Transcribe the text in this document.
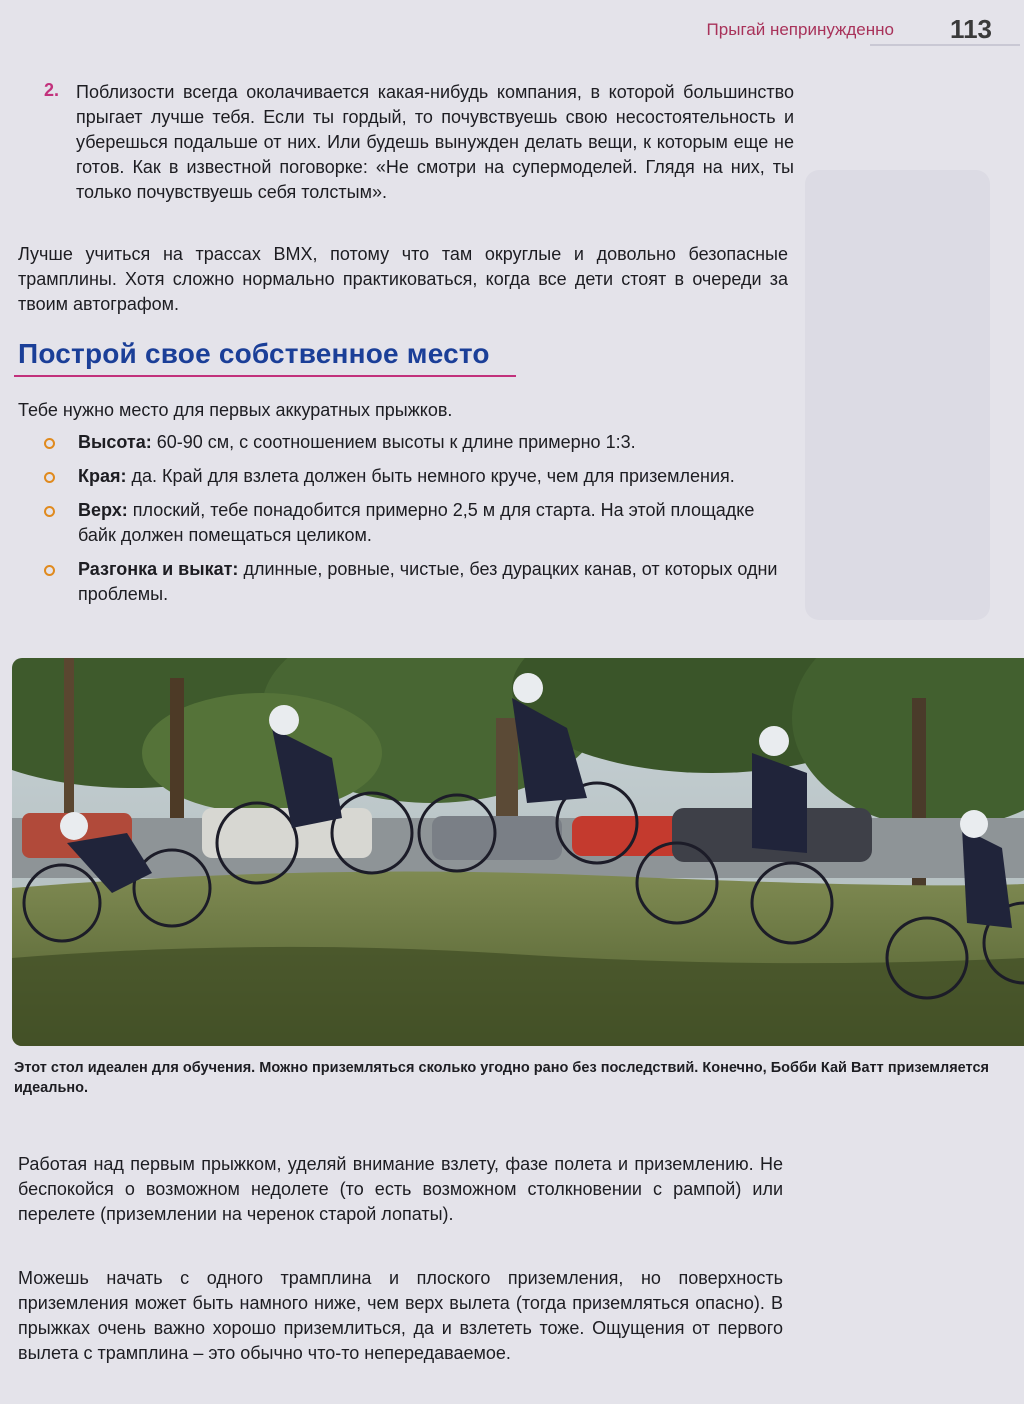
Прыгай непринужденно 113
2. Поблизости всегда околачивается какая-нибудь компания, в которой большинство прыгает лучше тебя. Если ты гордый, то почувствуешь свою несостоятельность и уберешься подальше от них. Или будешь вынужден делать вещи, к которым еще не готов. Как в известной поговорке: «Не смотри на супермоделей. Глядя на них, ты только почувствуешь себя толстым».
Лучше учиться на трассах BMX, потому что там округлые и довольно безопасные трамплины. Хотя сложно нормально практиковаться, когда все дети стоят в очереди за твоим автографом.
Построй свое собственное место
Тебе нужно место для первых аккуратных прыжков.
Высота: 60-90 см, с соотношением высоты к длине примерно 1:3.
Края: да. Край для взлета должен быть немного круче, чем для приземления.
Верх: плоский, тебе понадобится примерно 2,5 м для старта. На этой площадке байк должен помещаться целиком.
Разгонка и выкат: длинные, ровные, чистые, без дурацких канав, от которых одни проблемы.
Этот стол идеален для обучения. Можно приземляться сколько угодно рано без последствий. Конечно, Бобби Кай Ватт приземляется идеально.
Работая над первым прыжком, уделяй внимание взлету, фазе полета и приземлению. Не беспокойся о возможном недолете (то есть возможном столкновении с рампой) или перелете (приземлении на черенок старой лопаты).
Можешь начать с одного трамплина и плоского приземления, но поверхность приземления может быть намного ниже, чем верх вылета (тогда приземляться опасно). В прыжках очень важно хорошо приземлиться, да и взлететь тоже. Ощущения от первого вылета с трамплина – это обычно что-то непередаваемое.
